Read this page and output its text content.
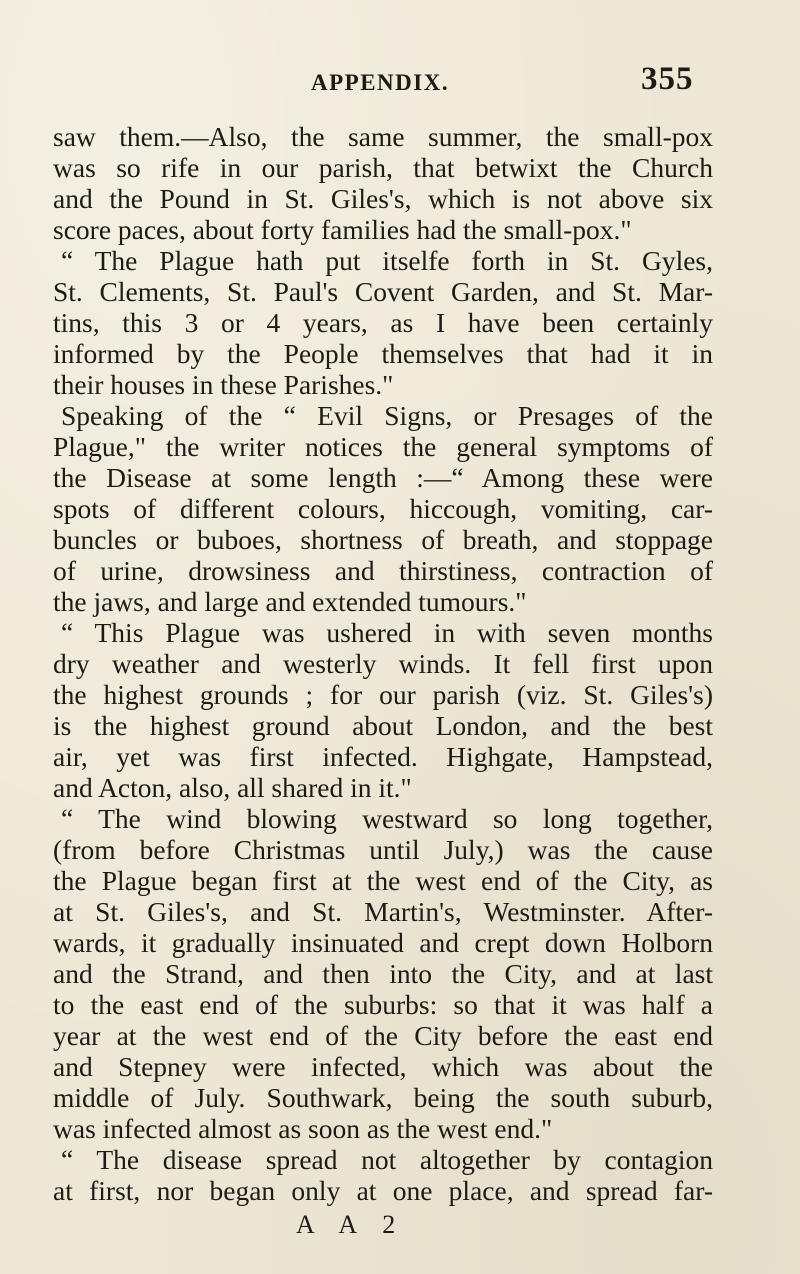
APPENDIX.	355
saw them.—Also, the same summer, the small-pox
was so rife in our parish, that betwixt the Church
and the Pound in St. Giles's, which is not above six
score paces, about forty families had the small-pox."
“ The Plague hath put itselfe forth in St. Gyles,
St. Clements, St. Paul's Covent Garden, and St. Mar-
tins, this 3 or 4 years, as I have been certainly
informed by the People themselves that had it in
their houses in these Parishes."
Speaking of the “ Evil Signs, or Presages of the
Plague," the writer notices the general symptoms of
the Disease at some length :—“ Among these were
spots of different colours, hiccough, vomiting, car-
buncles or buboes, shortness of breath, and stoppage
of urine, drowsiness and thirstiness, contraction of
the jaws, and large and extended tumours."
“ This Plague was ushered in with seven months
dry weather and westerly winds. It fell first upon
the highest grounds ; for our parish (viz. St. Giles's)
is the highest ground about London, and the best
air, yet was first infected. Highgate, Hampstead,
and Acton, also, all shared in it."
“ The wind blowing westward so long together,
(from before Christmas until July,) was the cause
the Plague began first at the west end of the City, as
at St. Giles's, and St. Martin's, Westminster. After-
wards, it gradually insinuated and crept down Holborn
and the Strand, and then into the City, and at last
to the east end of the suburbs: so that it was half a
year at the west end of the City before the east end
and Stepney were infected, which was about the
middle of July. Southwark, being the south suburb,
was infected almost as soon as the west end."
“ The disease spread not altogether by contagion
at first, nor began only at one place, and spread far-
A A 2
